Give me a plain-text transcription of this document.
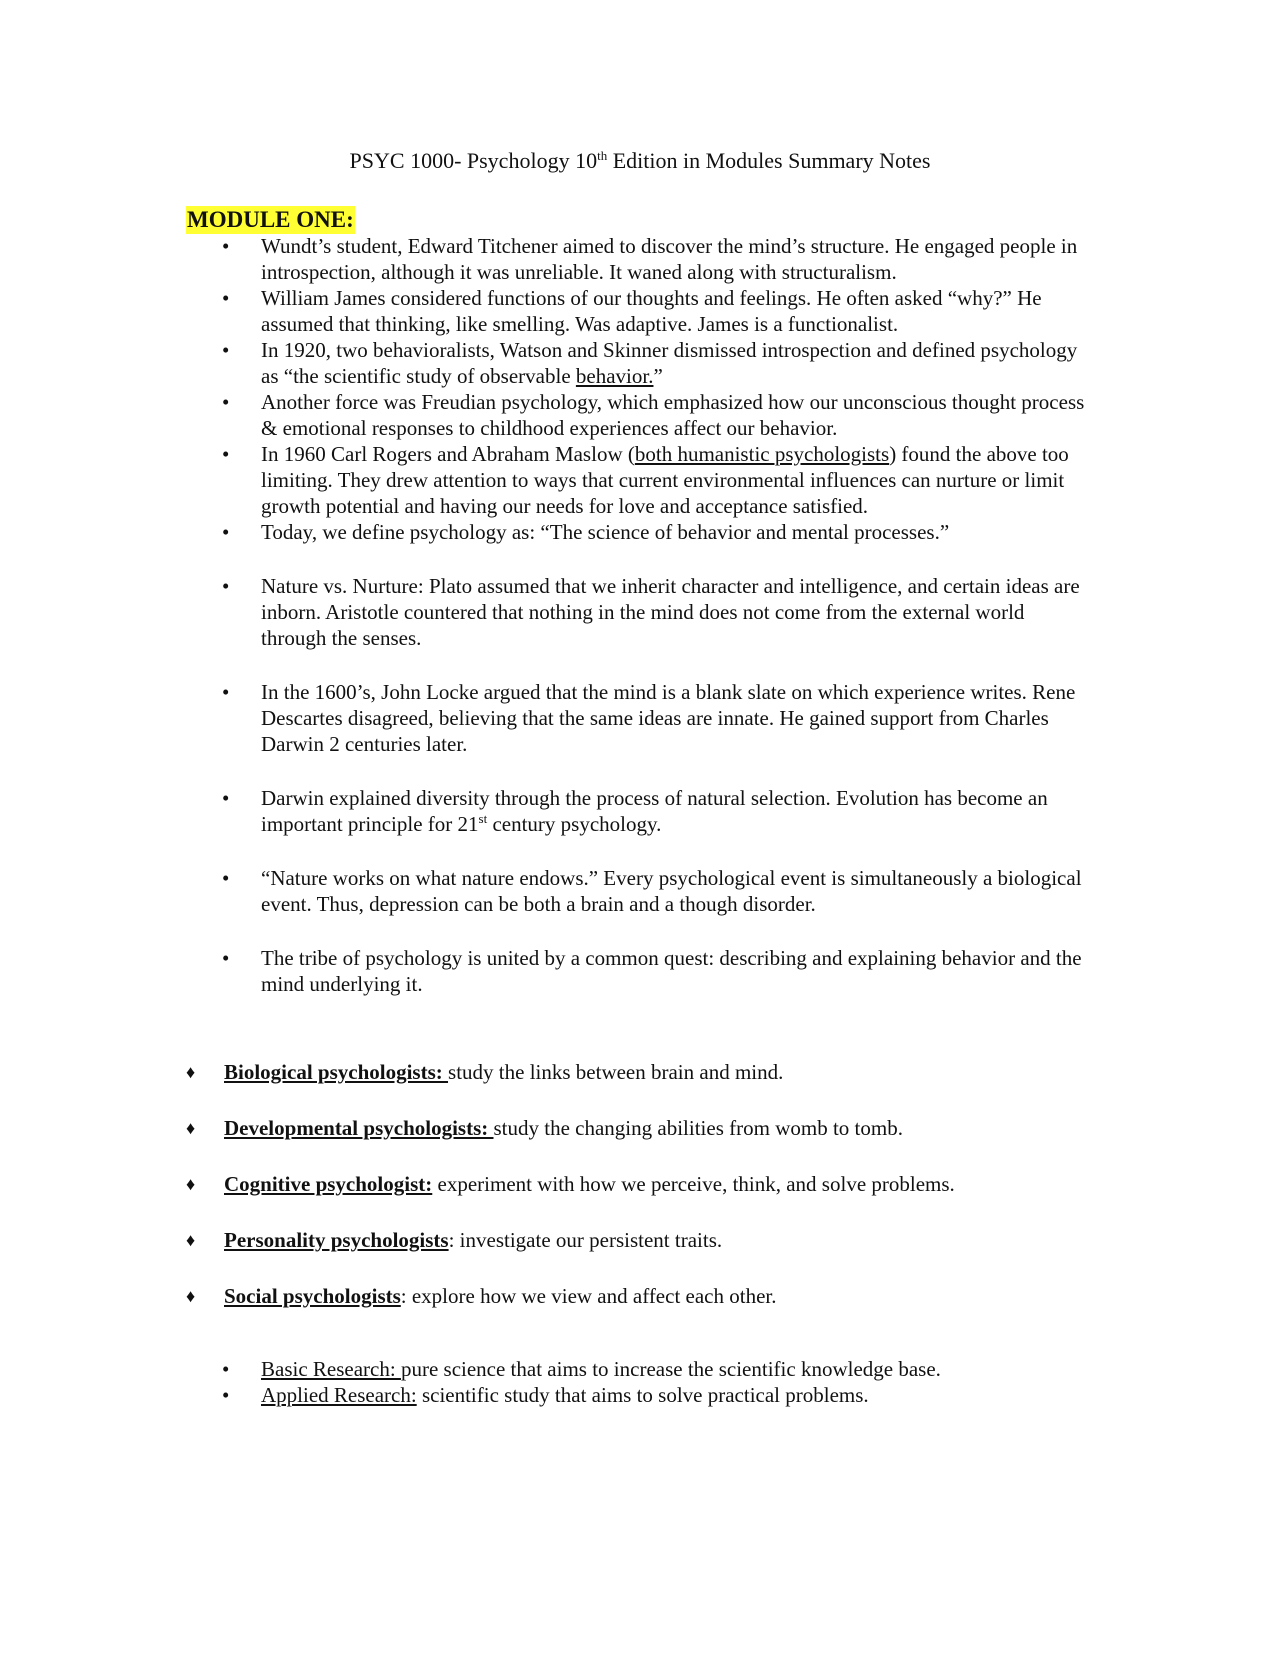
PSYC 1000- Psychology 10th Edition in Modules Summary Notes
MODULE ONE:
• Wundt’s student, Edward Titchener aimed to discover the mind’s structure. He engaged people in introspection, although it was unreliable. It waned along with structuralism.
• William James considered functions of our thoughts and feelings. He often asked “why?” He assumed that thinking, like smelling. Was adaptive. James is a functionalist.
• In 1920, two behavioralists, Watson and Skinner dismissed introspection and defined psychology as “the scientific study of observable behavior.”
• Another force was Freudian psychology, which emphasized how our unconscious thought process & emotional responses to childhood experiences affect our behavior.
• In 1960 Carl Rogers and Abraham Maslow (both humanistic psychologists) found the above too limiting. They drew attention to ways that current environmental influences can nurture or limit growth potential and having our needs for love and acceptance satisfied.
• Today, we define psychology as: “The science of behavior and mental processes.”
• Nature vs. Nurture: Plato assumed that we inherit character and intelligence, and certain ideas are inborn. Aristotle countered that nothing in the mind does not come from the external world through the senses.
• In the 1600’s, John Locke argued that the mind is a blank slate on which experience writes. Rene Descartes disagreed, believing that the same ideas are innate. He gained support from Charles Darwin 2 centuries later.
• Darwin explained diversity through the process of natural selection. Evolution has become an important principle for 21st century psychology.
• “Nature works on what nature endows.” Every psychological event is simultaneously a biological event. Thus, depression can be both a brain and a though disorder.
• The tribe of psychology is united by a common quest: describing and explaining behavior and the mind underlying it.
♦ Biological psychologists: study the links between brain and mind.
♦ Developmental psychologists: study the changing abilities from womb to tomb.
♦ Cognitive psychologist: experiment with how we perceive, think, and solve problems.
♦ Personality psychologists: investigate our persistent traits.
♦ Social psychologists: explore how we view and affect each other.
• Basic Research: pure science that aims to increase the scientific knowledge base.
• Applied Research: scientific study that aims to solve practical problems.
